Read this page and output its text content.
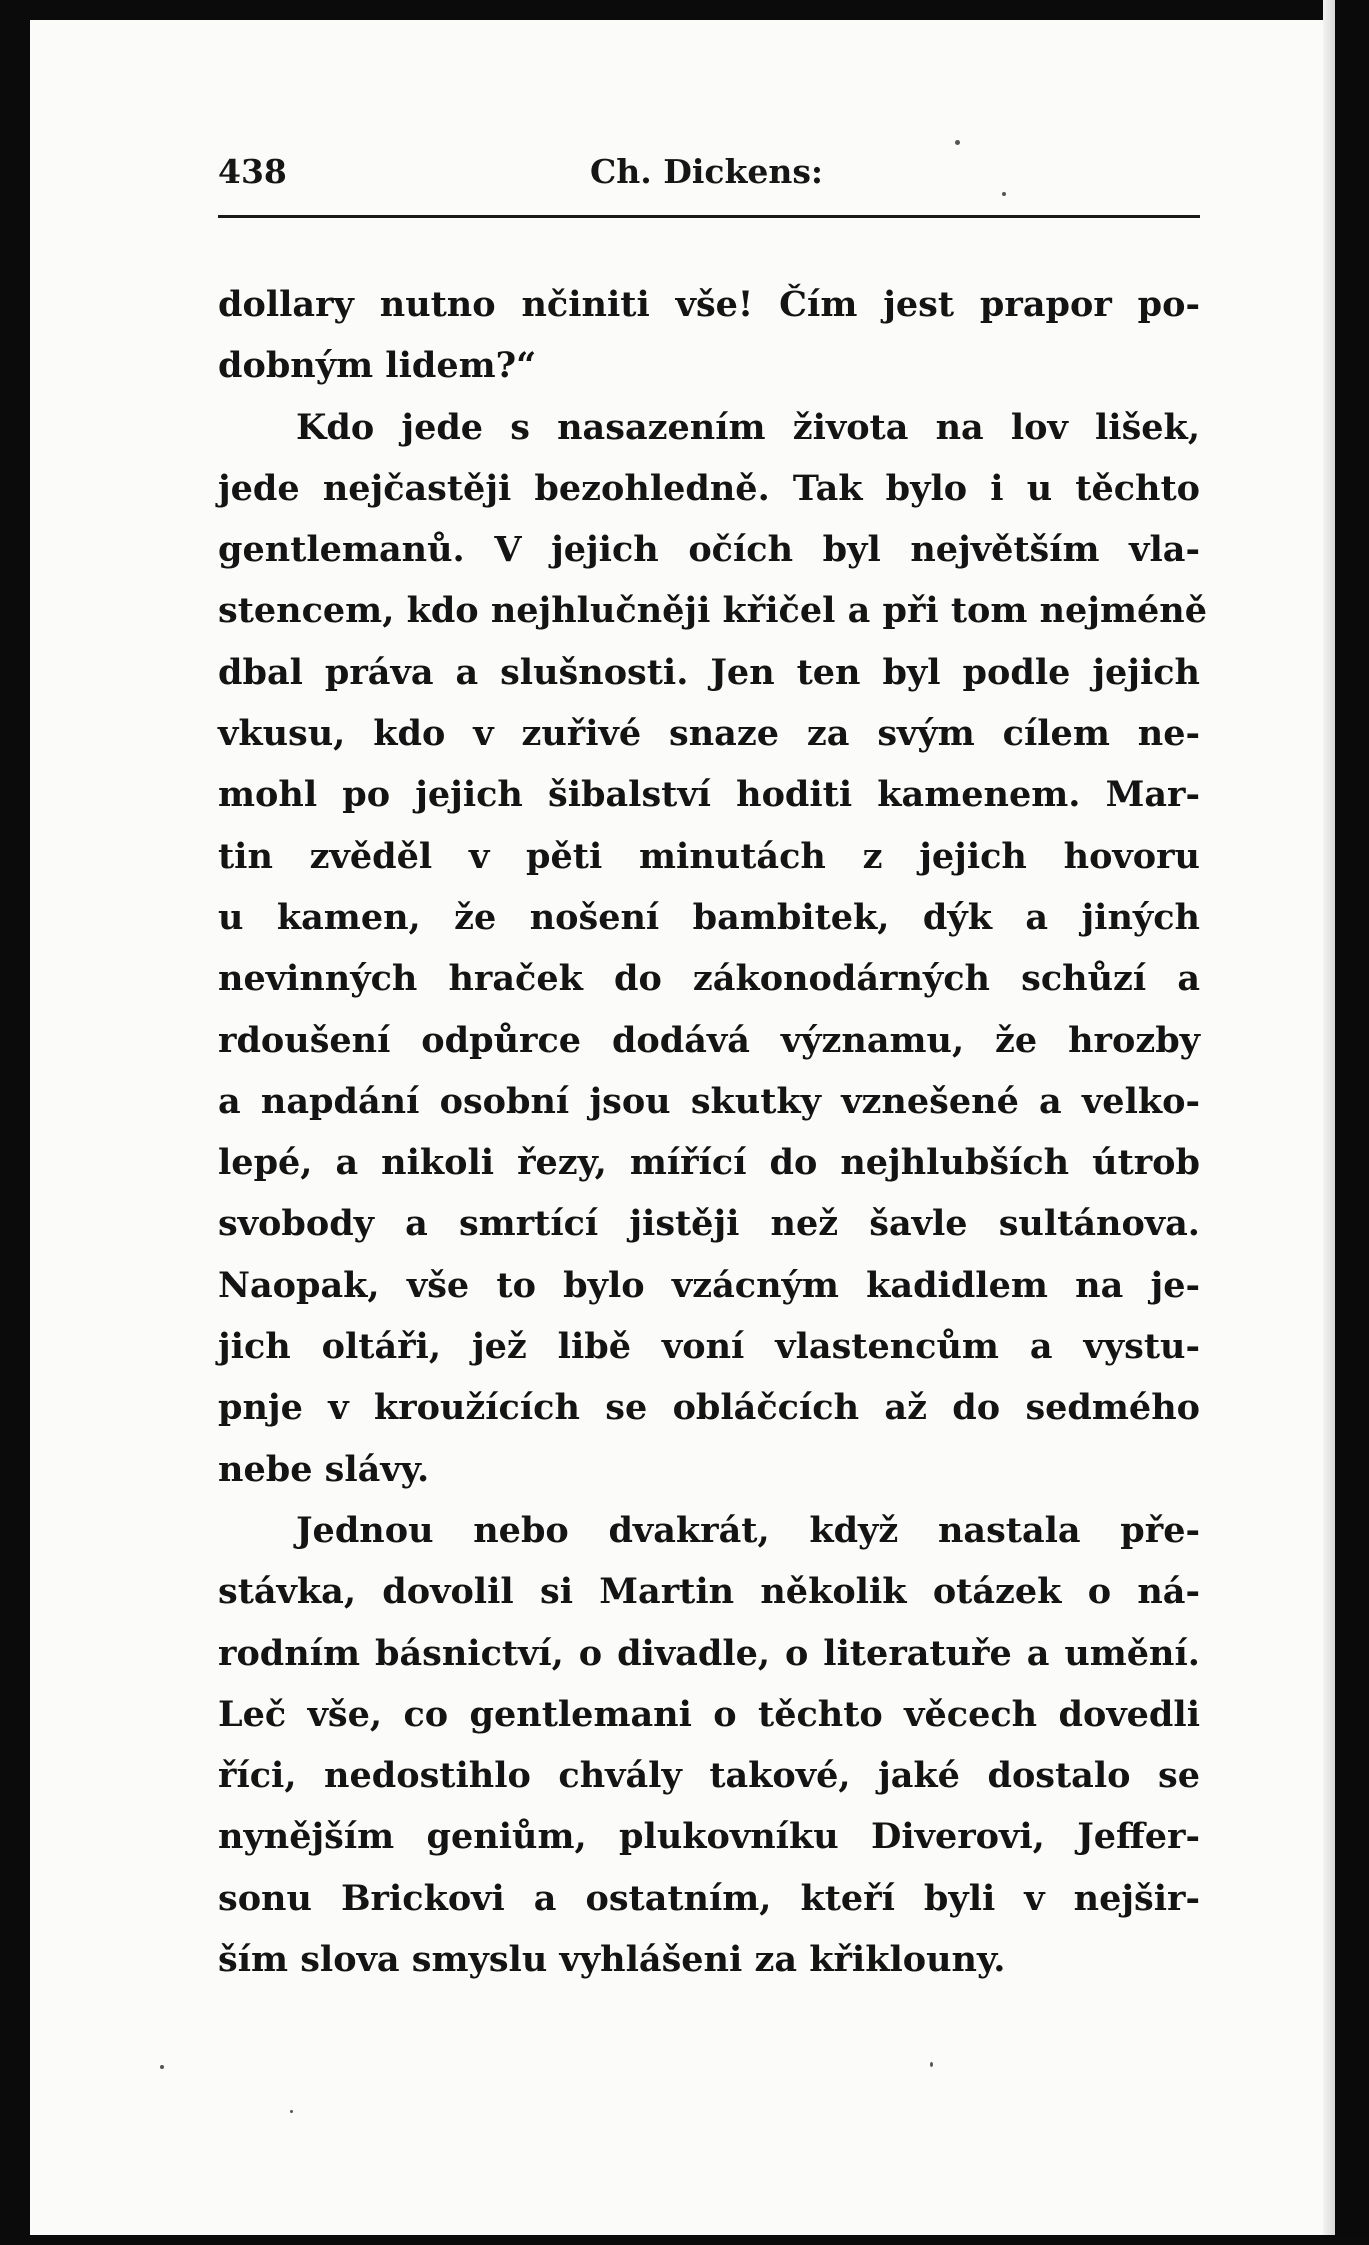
438	Ch. Dickens:
dollary nutno nčiniti vše! Čím jest prapor po-
dobným lidem?“
Kdo jede s nasazením života na lov lišek,
jede nejčastěji bezohledně. Tak bylo i u těchto
gentlemanů. V jejich očích byl největším vla-
stencem, kdo nejhlučněji křičel a při tom nejméně
dbal práva a slušnosti. Jen ten byl podle jejich
vkusu, kdo v zuřivé snaze za svým cílem ne-
mohl po jejich šibalství hoditi kamenem. Mar-
tin zvěděl v pěti minutách z jejich hovoru
u kamen, že nošení bambitek, dýk a jiných
nevinných hraček do zákonodárných schůzí a
rdoušení odpůrce dodává významu, že hrozby
a napdání osobní jsou skutky vznešené a velko-
lepé, a nikoli řezy, mířící do nejhlubších útrob
svobody a smrtící jistěji než šavle sultánova.
Naopak, vše to bylo vzácným kadidlem na je-
jich oltáři, jež libě voní vlastencům a vystu-
pnje v kroužících se obláčcích až do sedmého
nebe slávy.
Jednou nebo dvakrát, když nastala pře-
stávka, dovolil si Martin několik otázek o ná-
rodním básnictví, o divadle, o literatuře a umění.
Leč vše, co gentlemani o těchto věcech dovedli
říci, nedostihlo chvály takové, jaké dostalo se
nynějším geniům, plukovníku Diverovi, Jeffer-
sonu Brickovi a ostatním, kteří byli v nejšir-
ším slova smyslu vyhlášeni za křiklouny.
